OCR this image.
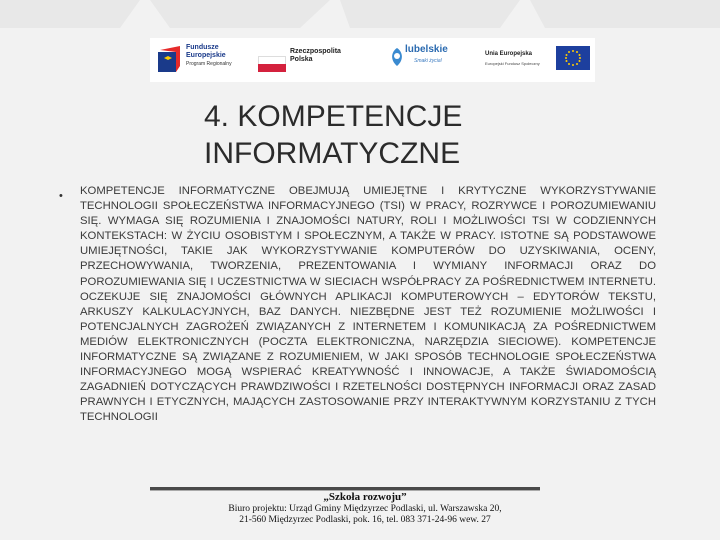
Fundusze
Europejskie
Program Regionalny
Rzeczpospolita
Polska
lubelskie
Smaki życia!
Unia Europejska
Europejski Fundusz Społeczny
4. KOMPETENCJE
INFORMATYCZNE
• KOMPETENCJE INFORMATYCZNE OBEJMUJĄ UMIEJĘTNE I KRYTYCZNE WYKORZYSTYWANIE TECHNOLOGII SPOŁECZEŃSTWA INFORMACYJNEGO (TSI) W PRACY, ROZRYWCE I POROZUMIEWANIU SIĘ. WYMAGA SIĘ ROZUMIENIA I ZNAJOMOŚCI NATURY, ROLI I MOŻLIWOŚCI TSI W CODZIENNYCH KONTEKSTACH: W ŻYCIU OSOBISTYM I SPOŁECZNYM, A TAKŻE W PRACY. ISTOTNE SĄ PODSTAWOWE UMIEJĘTNOŚCI, TAKIE JAK WYKORZYSTYWANIE KOMPUTERÓW DO UZYSKIWANIA, OCENY, PRZECHOWYWANIA, TWORZENIA, PREZENTOWANIA I WYMIANY INFORMACJI ORAZ DO POROZUMIEWANIA SIĘ I UCZESTNICTWA W SIECIACH WSPÓŁPRACY ZA POŚREDNICTWEM INTERNETU. OCZEKUJE SIĘ ZNAJOMOŚCI GŁÓWNYCH APLIKACJI KOMPUTEROWYCH – EDYTORÓW TEKSTU, ARKUSZY KALKULACYJNYCH, BAZ DANYCH. NIEZBĘDNE JEST TEŻ ROZUMIENIE MOŻLIWOŚCI I POTENCJALNYCH ZAGROŻEŃ ZWIĄZANYCH Z INTERNETEM I KOMUNIKACJĄ ZA POŚREDNICTWEM MEDIÓW ELEKTRONICZNYCH (POCZTA ELEKTRONICZNA, NARZĘDZIA SIECIOWE). KOMPETENCJE INFORMATYCZNE SĄ ZWIĄZANE Z ROZUMIENIEM, W JAKI SPOSÓB TECHNOLOGIE SPOŁECZEŃSTWA INFORMACYJNEGO MOGĄ WSPIERAĆ KREATYWNOŚĆ I INNOWACJE, A TAKŻE ŚWIADOMOŚCIĄ ZAGADNIEŃ DOTYCZĄCYCH PRAWDZIWOŚCI I RZETELNOŚCI DOSTĘPNYCH INFORMACJI ORAZ ZASAD PRAWNYCH I ETYCZNYCH, MAJĄCYCH ZASTOSOWANIE PRZY INTERAKTYWNYM KORZYSTANIU Z TYCH TECHNOLOGII
„Szkoła rozwoju”
Biuro projektu: Urząd Gminy Międzyrzec Podlaski, ul. Warszawska 20,
21-560 Międzyrzec Podlaski, pok. 16, tel. 083 371-24-96 wew. 27
